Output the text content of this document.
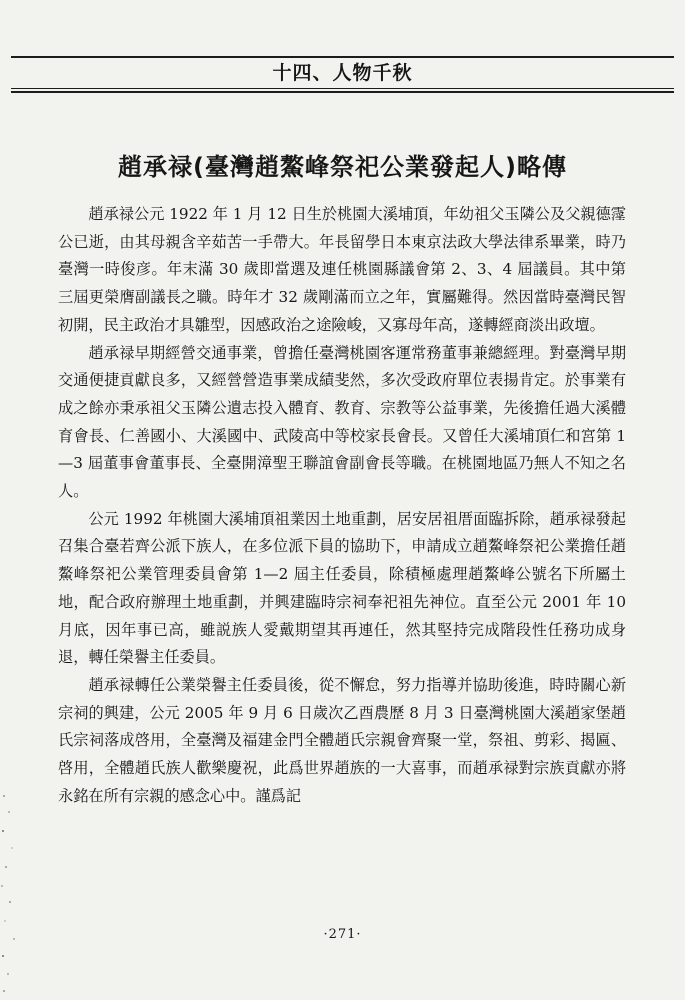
十四、人物千秋
趙承禄(臺灣趙鰲峰祭祀公業發起人)略傳

趙承禄公元 1922 年 1 月 12 日生於桃園大溪埔頂，年幼祖父玉隣公及父親德霪公已逝，由其母親含辛茹苦一手帶大。年長留學日本東京法政大學法律系畢業，時乃臺灣一時俊彦。年末滿 30 歲即當選及連任桃園縣議會第 2、3、4 屆議員。其中第三屆更榮膺副議長之職。時年才 32 歲剛滿而立之年，實屬難得。然因當時臺灣民智初開，民主政治才具雛型，因感政治之途險峻，又寡母年高，遂轉經商淡出政壇。

趙承禄早期經營交通事業，曾擔任臺灣桃園客運常務董事兼總經理。對臺灣早期交通便捷貢獻良多，又經營營造事業成績斐然，多次受政府單位表揚肯定。於事業有成之餘亦秉承祖父玉隣公遺志投入體育、教育、宗教等公益事業，先後擔任過大溪體育會長、仁善國小、大溪國中、武陵高中等校家長會長。又曾任大溪埔頂仁和宮第 1—3 屆董事會董事長、全臺開漳聖王聯誼會副會長等職。在桃園地區乃無人不知之名人。

公元 1992 年桃園大溪埔頂祖業因土地重劃，居安居祖厝面臨拆除，趙承禄發起召集合臺若齊公派下族人，在多位派下員的協助下，申請成立趙鰲峰祭祀公業擔任趙鰲峰祭祀公業管理委員會第 1—2 屆主任委員，除積極處理趙鰲峰公號名下所屬土地，配合政府辦理土地重劃，并興建臨時宗祠奉祀祖先神位。直至公元 2001 年 10 月底，因年事已高，雖説族人愛戴期望其再連任，然其堅持完成階段性任務功成身退，轉任榮譽主任委員。

趙承禄轉任公業榮譽主任委員後，從不懈怠，努力指導并協助後進，時時關心新宗祠的興建，公元 2005 年 9 月 6 日歲次乙酉農歷 8 月 3 日臺灣桃園大溪趙家堡趙氏宗祠落成啓用，全臺灣及福建金門全體趙氏宗親會齊聚一堂，祭祖、剪彩、揭匾、啓用，全體趙氏族人歡樂慶祝，此爲世界趙族的一大喜事，而趙承禄對宗族貢獻亦將永銘在所有宗親的感念心中。謹爲記

·271·
